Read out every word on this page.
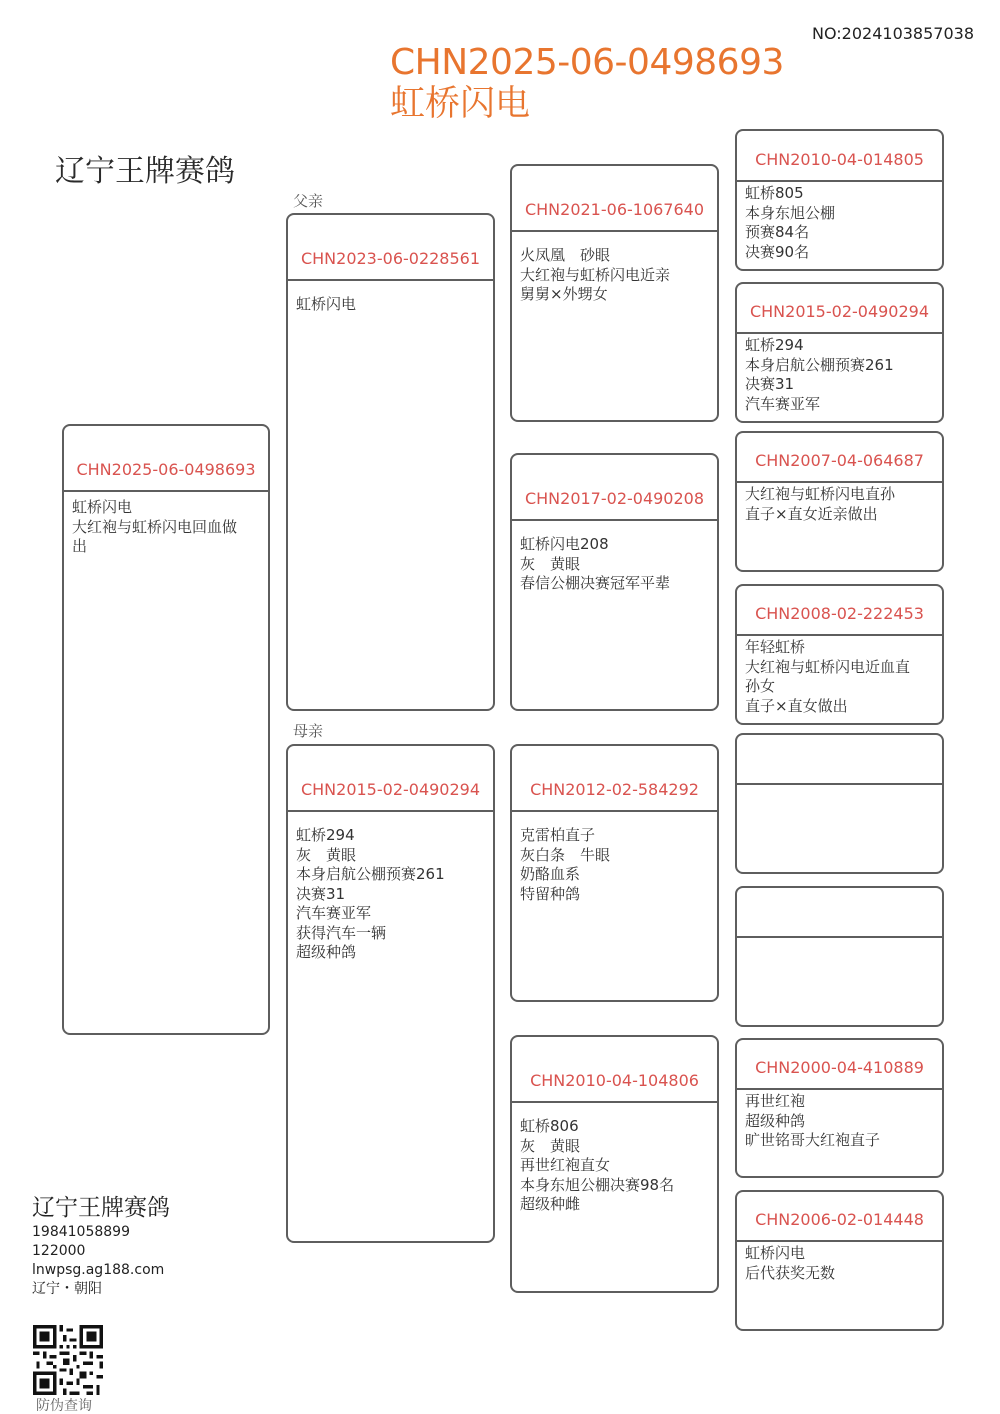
NO:2024103857038
CHN2025-06-0498693
虹桥闪电
辽宁王牌赛鸽
父亲
母亲
CHN2025-06-0498693
虹桥闪电
大红袍与虹桥闪电回血做
出
CHN2023-06-0228561
虹桥闪电
CHN2015-02-0490294
虹桥294
灰　黄眼
本身启航公棚预赛261
决赛31
汽车赛亚军
获得汽车一辆
超级种鸽
CHN2021-06-1067640
火凤凰　砂眼
大红袍与虹桥闪电近亲
舅舅×外甥女
CHN2017-02-0490208
虹桥闪电208
灰　黄眼
春信公棚决赛冠军平辈
CHN2012-02-584292
克雷柏直子
灰白条　牛眼
奶酪血系
特留种鸽
CHN2010-04-104806
虹桥806
灰　黄眼
再世红袍直女
本身东旭公棚决赛98名
超级种雌
CHN2010-04-014805
虹桥805
本身东旭公棚
预赛84名
决赛90名
CHN2015-02-0490294
虹桥294
本身启航公棚预赛261
决赛31
汽车赛亚军
CHN2007-04-064687
大红袍与虹桥闪电直孙
直子×直女近亲做出
CHN2008-02-222453
年轻虹桥
大红袍与虹桥闪电近血直
孙女
直子×直女做出
CHN2000-04-410889
再世红袍
超级种鸽
旷世铭哥大红袍直子
CHN2006-02-014448
虹桥闪电
后代获奖无数
辽宁王牌赛鸽
19841058899
122000
lnwpsg.ag188.com
辽宁・朝阳
防伪查询
